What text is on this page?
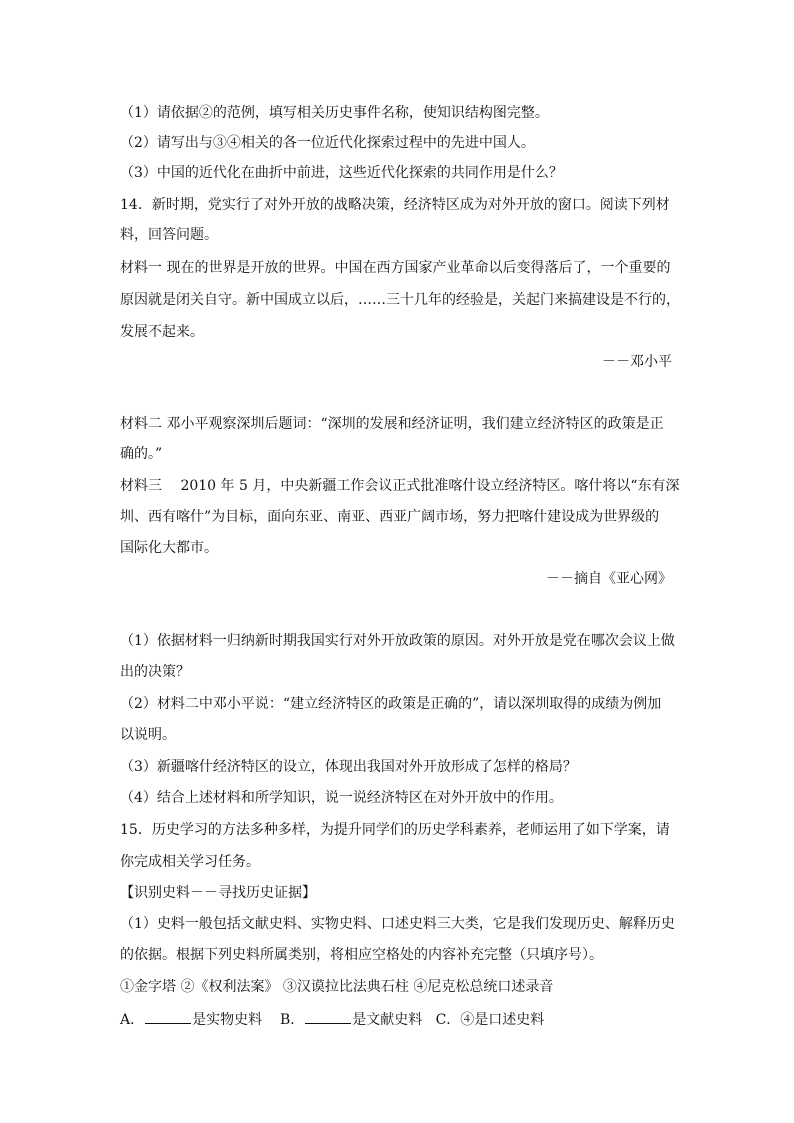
（1）请依据②的范例，填写相关历史事件名称，使知识结构图完整。
（2）请写出与③④相关的各一位近代化探索过程中的先进中国人。
（3）中国的近代化在曲折中前进，这些近代化探索的共同作用是什么？
14．新时期，党实行了对外开放的战略决策，经济特区成为对外开放的窗口。阅读下列材
料，回答问题。
材料一 现在的世界是开放的世界。中国在西方国家产业革命以后变得落后了，一个重要的
原因就是闭关自守。新中国成立以后，……三十几年的经验是，关起门来搞建设是不行的，
发展不起来。
－－邓小平
材料二 邓小平观察深圳后题词：“深圳的发展和经济证明，我们建立经济特区的政策是正
确的。”
材料三　 2010 年 5 月，中央新疆工作会议正式批准喀什设立经济特区。喀什将以“东有深
圳、西有喀什”为目标，面向东亚、南亚、西亚广阔市场，努力把喀什建设成为世界级的
国际化大都市。
－－摘自《亚心网》
（1）依据材料一归纳新时期我国实行对外开放政策的原因。对外开放是党在哪次会议上做
出的决策？
（2）材料二中邓小平说：“建立经济特区的政策是正确的”，请以深圳取得的成绩为例加
以说明。
（3）新疆喀什经济特区的设立，体现出我国对外开放形成了怎样的格局？
（4）结合上述材料和所学知识，说一说经济特区在对外开放中的作用。
15．历史学习的方法多种多样，为提升同学们的历史学科素养，老师运用了如下学案，请
你完成相关学习任务。
【识别史料－－寻找历史证据】
（1）史料一般包括文献史料、实物史料、口述史料三大类，它是我们发现历史、解释历史
的依据。根据下列史料所属类别，将相应空格处的内容补充完整（只填序号）。
①金字塔 ②《权利法案》 ③汉谟拉比法典石柱 ④尼克松总统口述录音
A．	是实物史料 B．	是文献史料 C．④是口述史料
